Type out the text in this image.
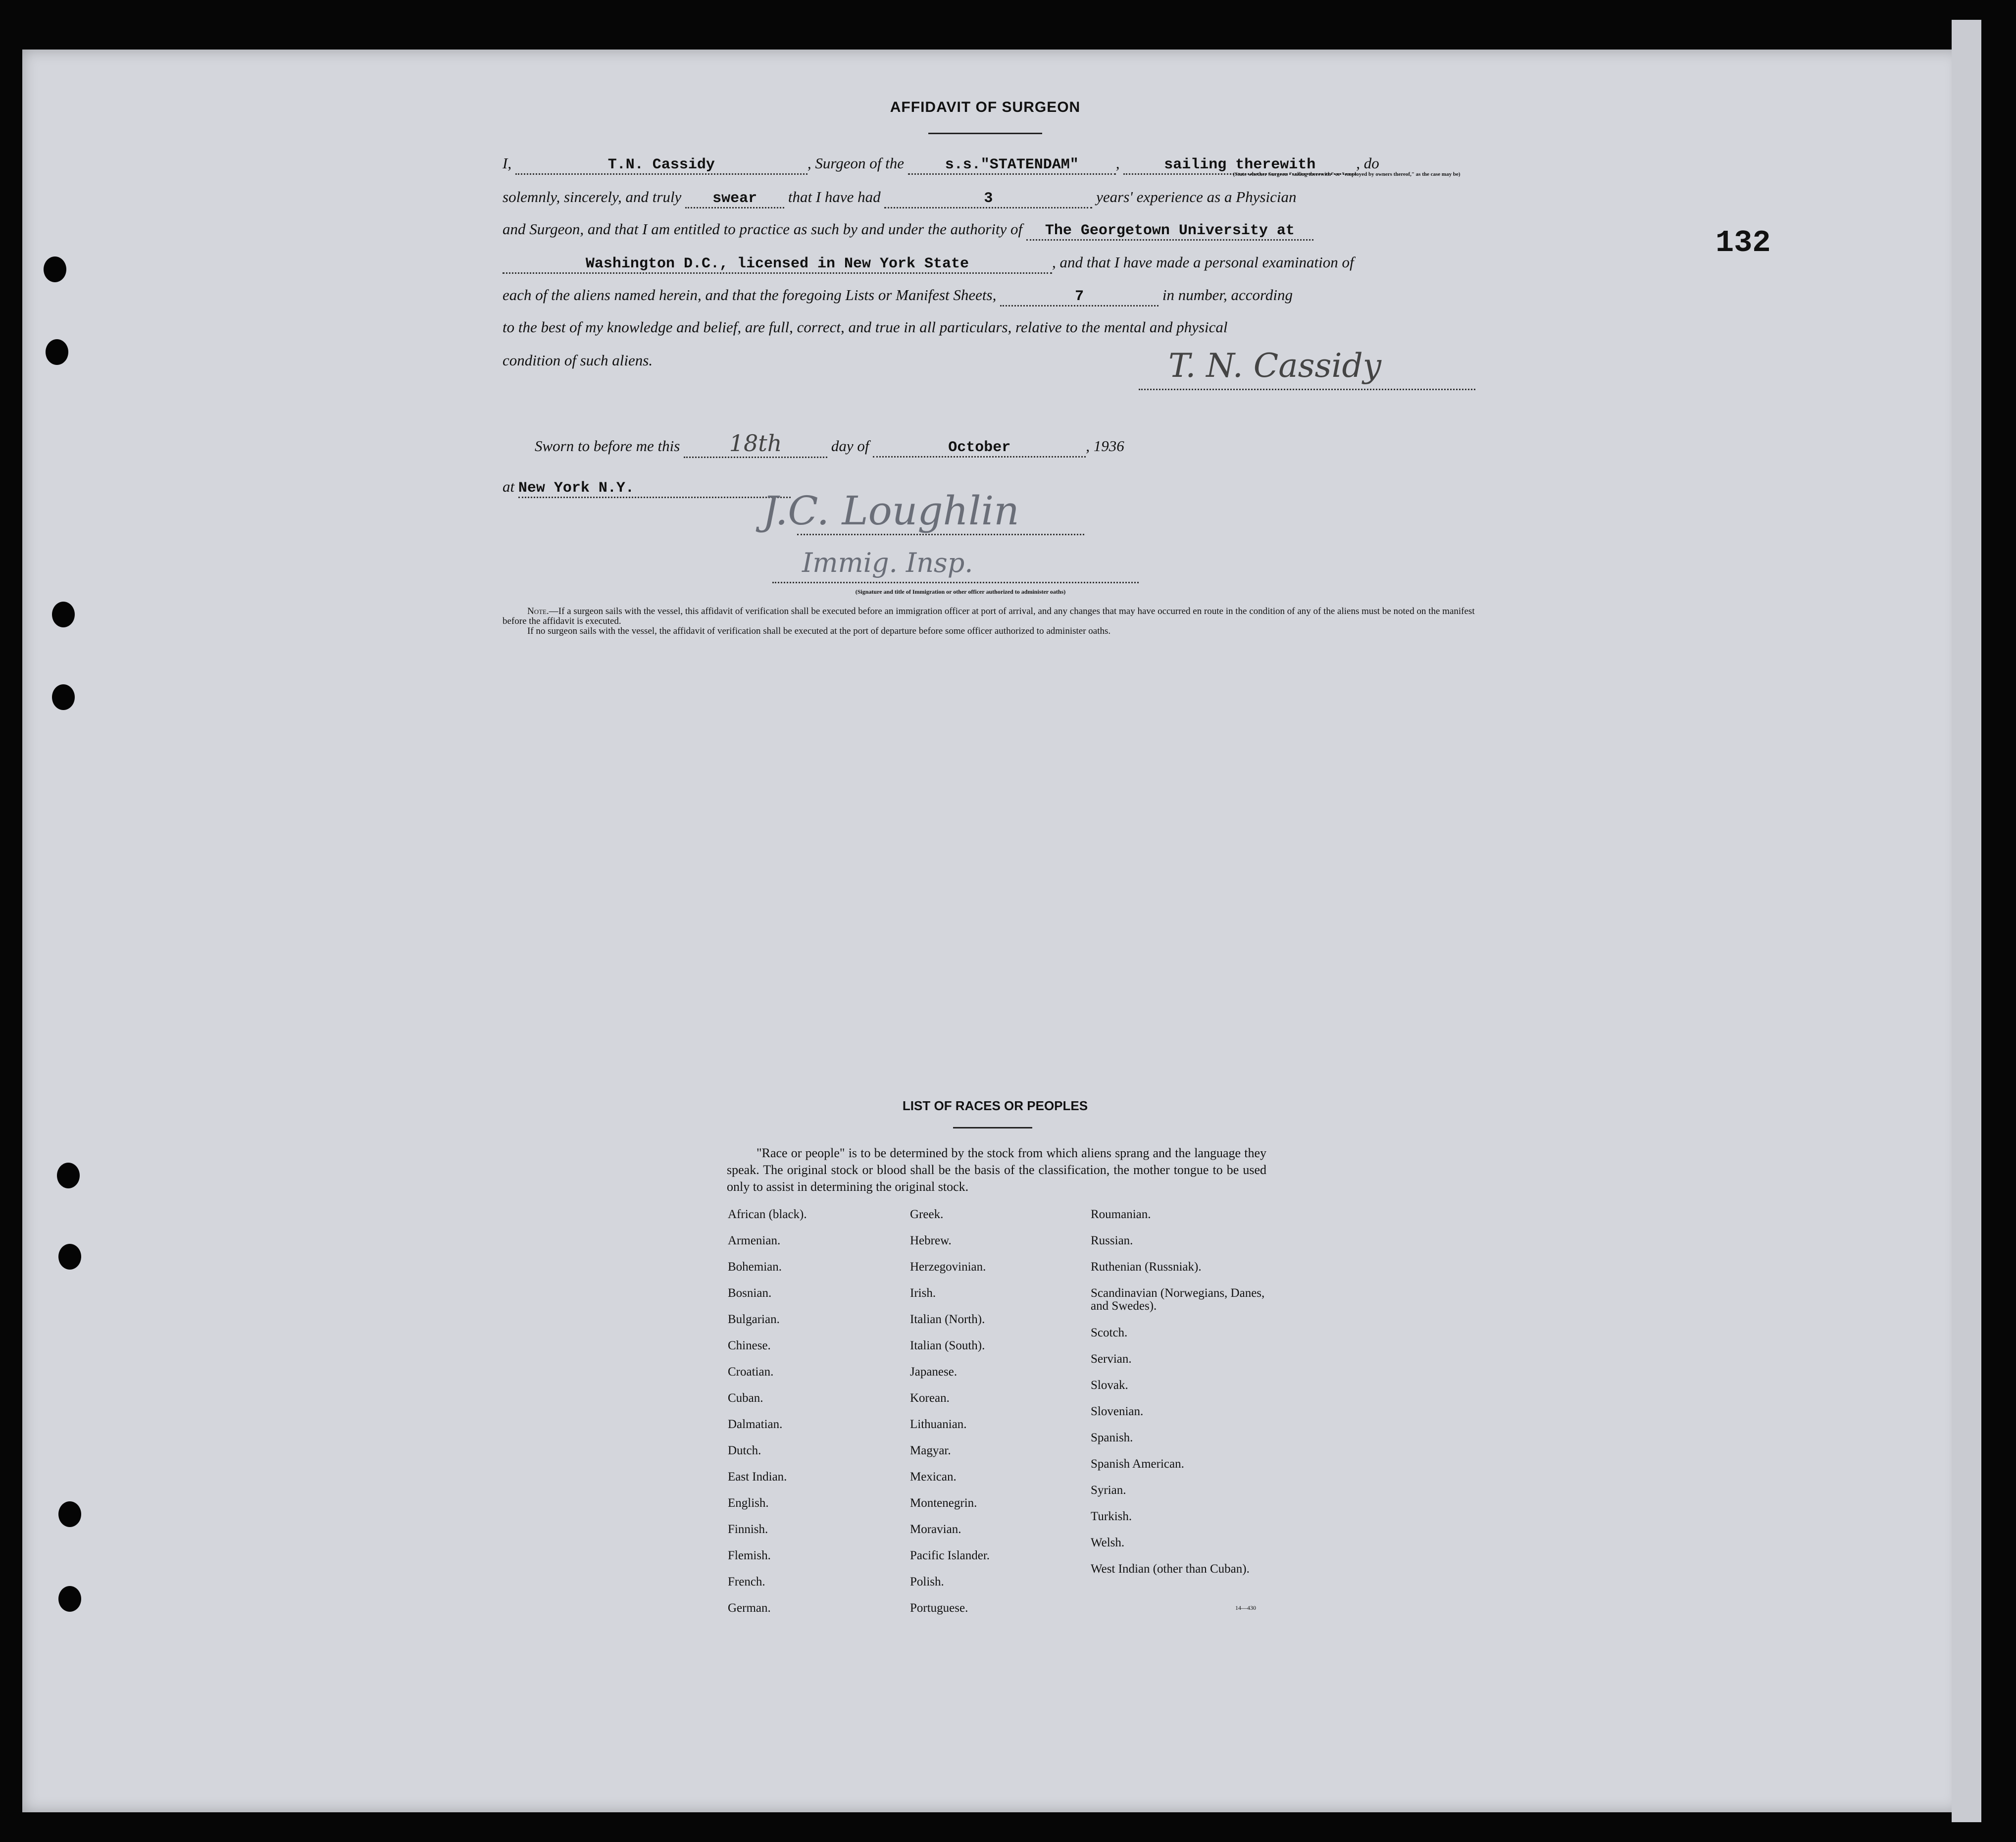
132
AFFIDAVIT OF SURGEON
I,	T.N. Cassidy	, Surgeon of the	s.s."STATENDAM" ,	sailing therewith	, do
(State whether Surgeon "sailing therewith" or "employed by owners thereof," as the case may be)
solemnly, sincerely, and truly swear that I have had	3	years' experience as a Physician
and Surgeon, and that I am entitled to practice as such by and under the authority of The Georgetown University at
Washington D.C., licensed in New York State	, and that I have made a personal examination of
each of the aliens named herein, and that the foregoing Lists or Manifest Sheets,	7	in number, according
to the best of my knowledge and belief, are full, correct, and true in all particulars, relative to the mental and physical
condition of such aliens.	T. N. Cassidy
Sworn to before me this 18th	day of	October	, 1936
at New York N.Y.	J.C. Loughlin
Immig. Insp.
(Signature and title of Immigration or other officer authorized to administer oaths)
Note.—If a surgeon sails with the vessel, this affidavit of verification shall be executed before an immigration officer at port of arrival, and any changes that may have occurred en route in the condition of any of the aliens must be noted on the manifest before the affidavit is executed.
If no surgeon sails with the vessel, the affidavit of verification shall be executed at the port of departure before some officer authorized to administer oaths.
LIST OF RACES OR PEOPLES
"Race or people" is to be determined by the stock from which aliens sprang and the language they speak. The original stock or blood shall be the basis of the classification, the mother tongue to be used only to assist in determining the original stock.
African (black).
Armenian.
Bohemian.
Bosnian.
Bulgarian.
Chinese.
Croatian.
Cuban.
Dalmatian.
Dutch.
East Indian.
English.
Finnish.
Flemish.
French.
German.
Greek.
Hebrew.
Herzegovinian.
Irish.
Italian (North).
Italian (South).
Japanese.
Korean.
Lithuanian.
Magyar.
Mexican.
Montenegrin.
Moravian.
Pacific Islander.
Polish.
Portuguese.
Roumanian.
Russian.
Ruthenian (Russniak).
Scandinavian (Norwegians, Danes, and Swedes).
Scotch.
Servian.
Slovak.
Slovenian.
Spanish.
Spanish American.
Syrian.
Turkish.
Welsh.
West Indian (other than Cuban).
14—430
